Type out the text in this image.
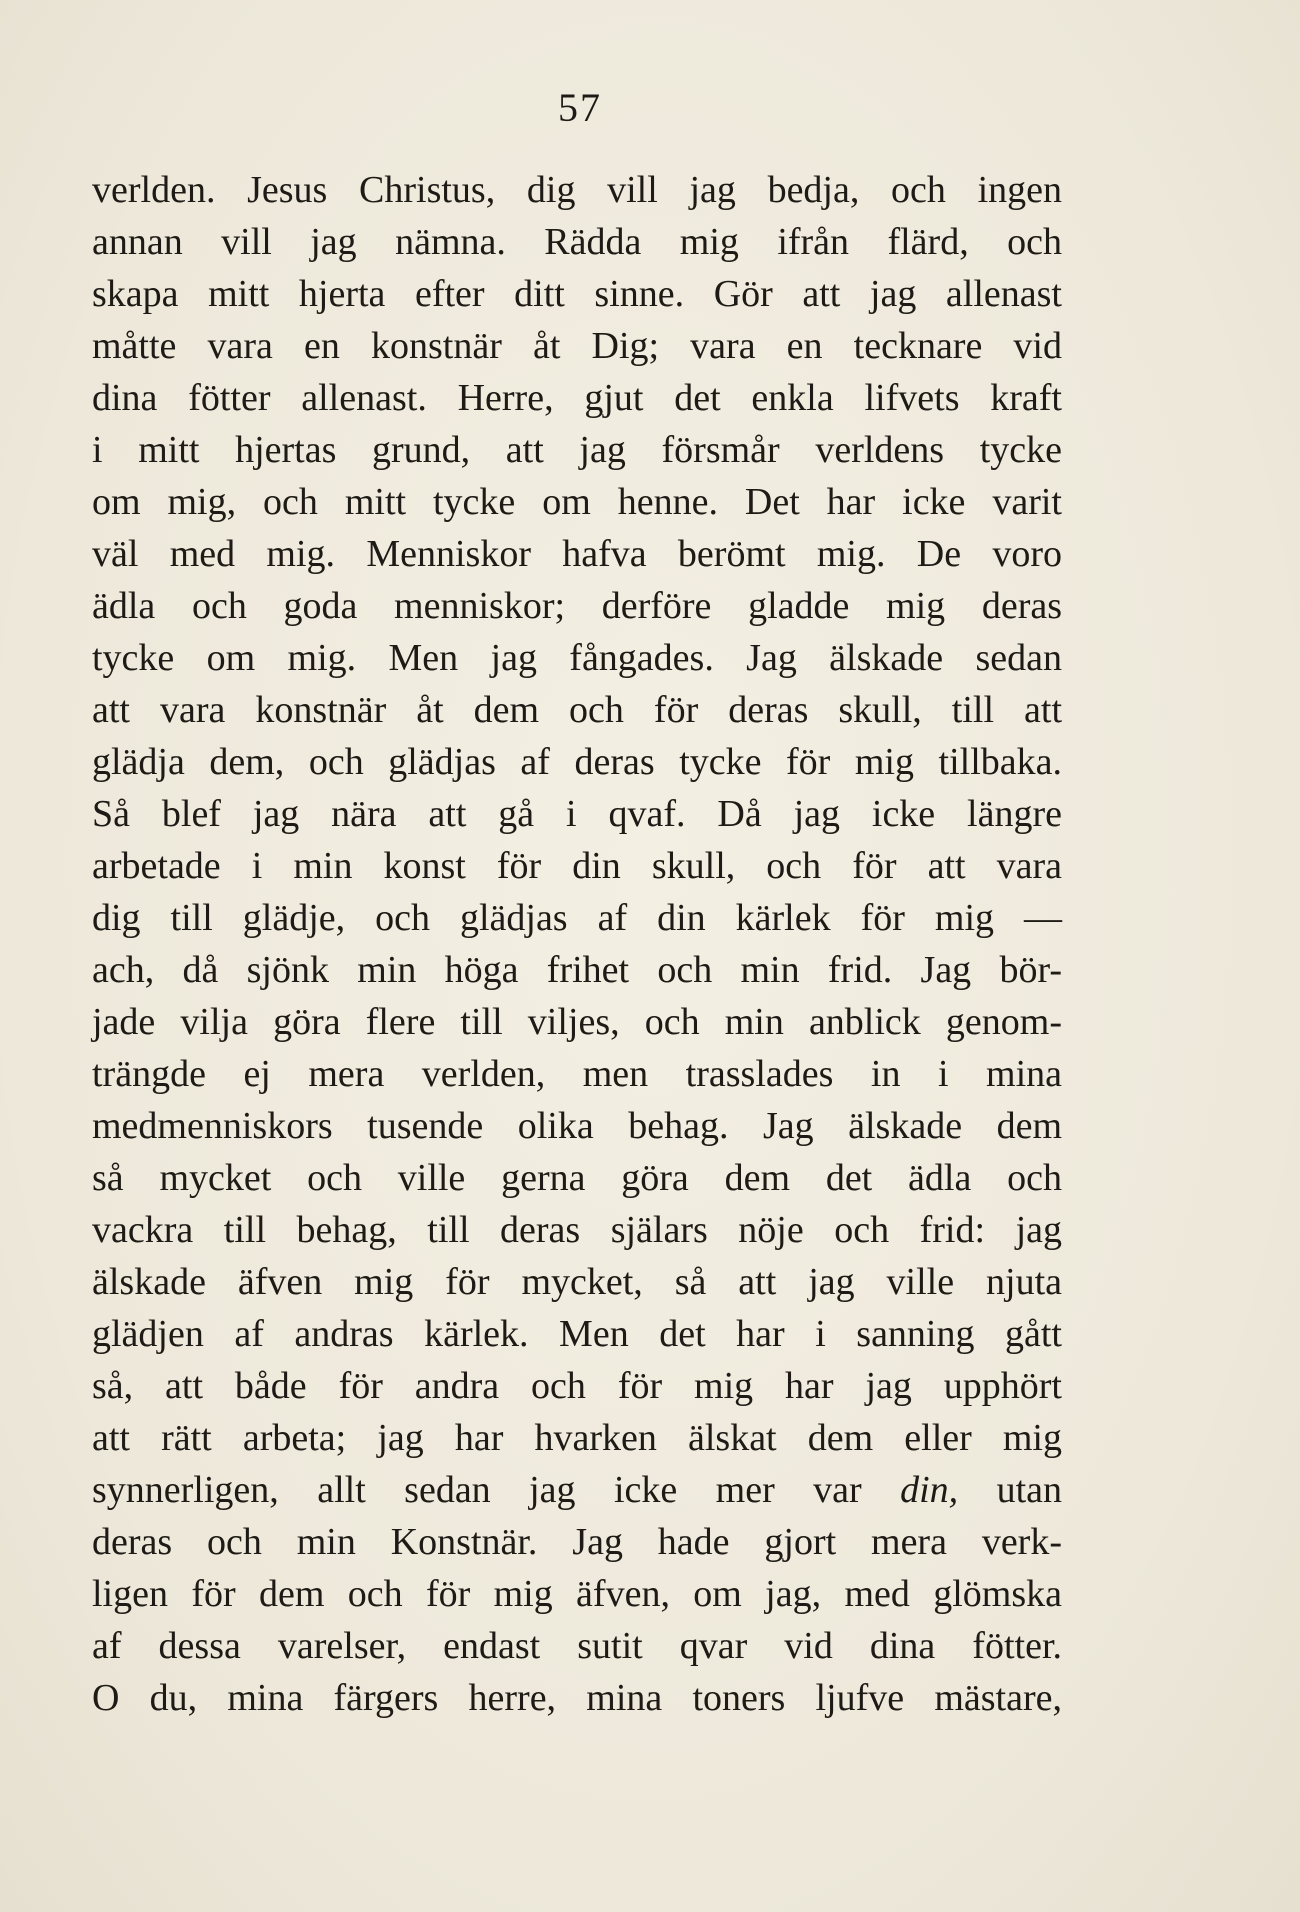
57
verlden. Jesus Christus, dig vill jag bedja, och ingen
annan vill jag nämna. Rädda mig ifrån flärd, och
skapa mitt hjerta efter ditt sinne. Gör att jag allenast
måtte vara en konstnär åt Dig; vara en tecknare vid
dina fötter allenast. Herre, gjut det enkla lifvets kraft
i mitt hjertas grund, att jag försmår verldens tycke
om mig, och mitt tycke om henne. Det har icke varit
väl med mig. Menniskor hafva berömt mig. De voro
ädla och goda menniskor; derföre gladde mig deras
tycke om mig. Men jag fångades. Jag älskade sedan
att vara konstnär åt dem och för deras skull, till att
glädja dem, och glädjas af deras tycke för mig tillbaka.
Så blef jag nära att gå i qvaf. Då jag icke längre
arbetade i min konst för din skull, och för att vara
dig till glädje, och glädjas af din kärlek för mig —
ach, då sjönk min höga frihet och min frid. Jag bör-
jade vilja göra flere till viljes, och min anblick genom-
trängde ej mera verlden, men trasslades in i mina
medmenniskors tusende olika behag. Jag älskade dem
så mycket och ville gerna göra dem det ädla och
vackra till behag, till deras själars nöje och frid: jag
älskade äfven mig för mycket, så att jag ville njuta
glädjen af andras kärlek. Men det har i sanning gått
så, att både för andra och för mig har jag upphört
att rätt arbeta; jag har hvarken älskat dem eller mig
synnerligen, allt sedan jag icke mer var din, utan
deras och min Konstnär. Jag hade gjort mera verk-
ligen för dem och för mig äfven, om jag, med glömska
af dessa varelser, endast sutit qvar vid dina fötter.
O du, mina färgers herre, mina toners ljufve mästare,
